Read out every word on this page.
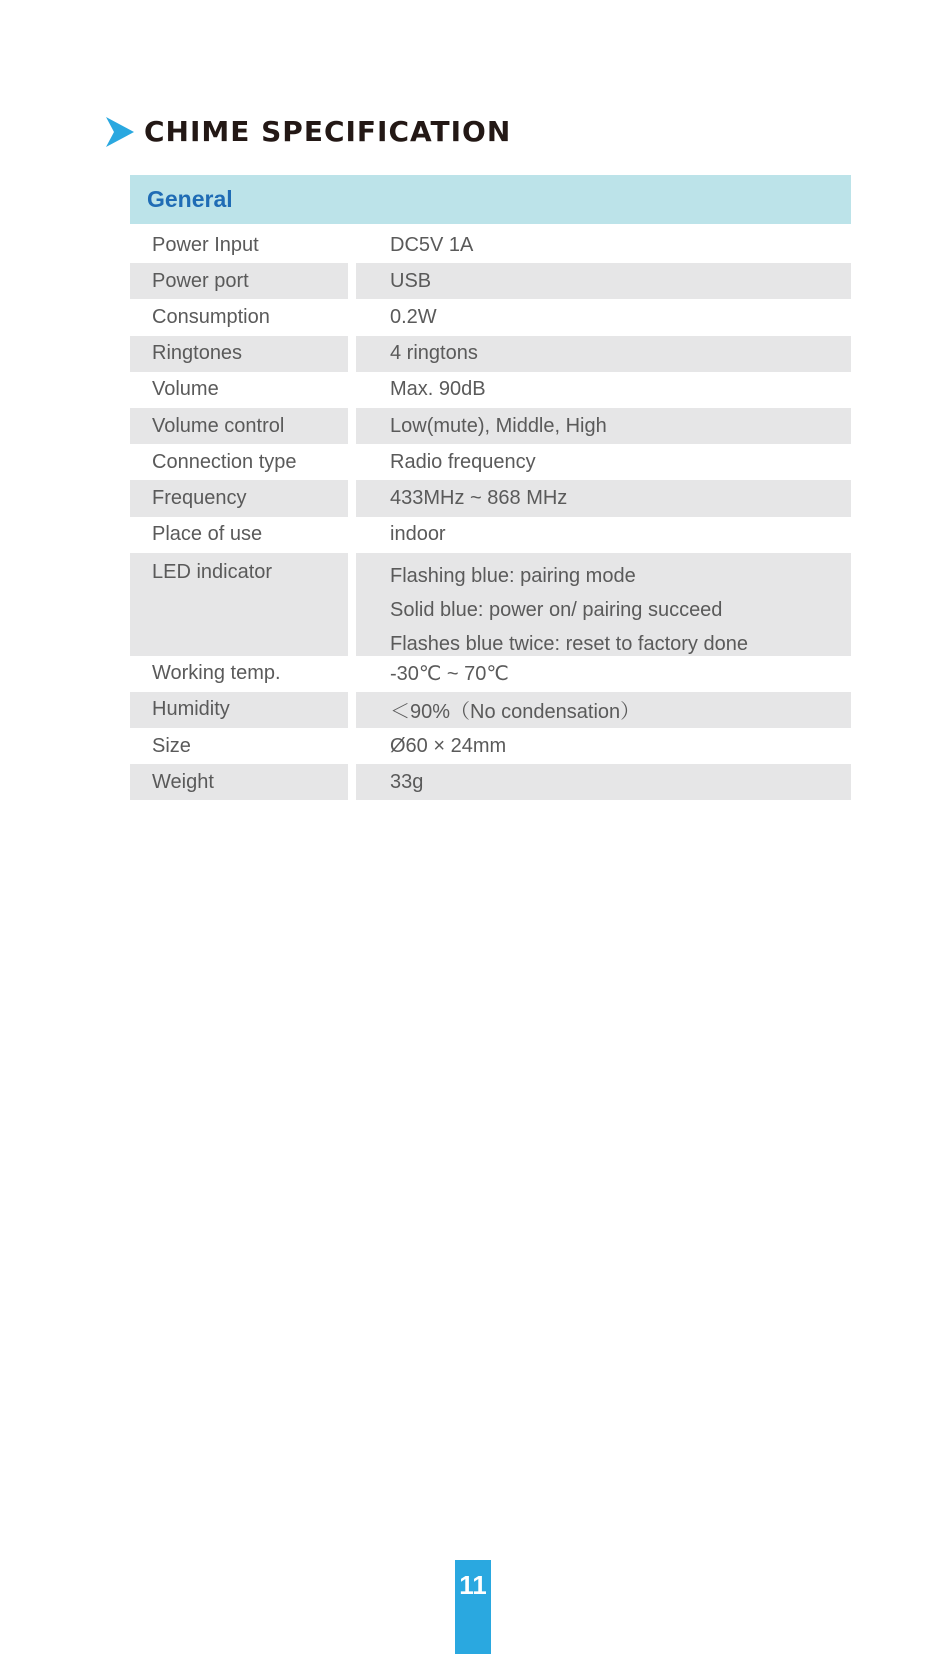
CHIME SPECIFICATION
General
Power Input	DC5V 1A
Power port	USB
Consumption	0.2W
Ringtones	4 ringtons
Volume	Max. 90dB
Volume control	Low(mute), Middle, High
Connection type	Radio frequency
Frequency	433MHz ~ 868 MHz
Place of use	indoor
LED indicator	Flashing blue: pairing mode
Solid blue: power on/ pairing succeed
Flashes blue twice: reset to factory done
Working temp.	-30℃ ~ 70℃
Humidity	＜90%（No condensation）
Size	Ø60 × 24mm
Weight	33g
11
